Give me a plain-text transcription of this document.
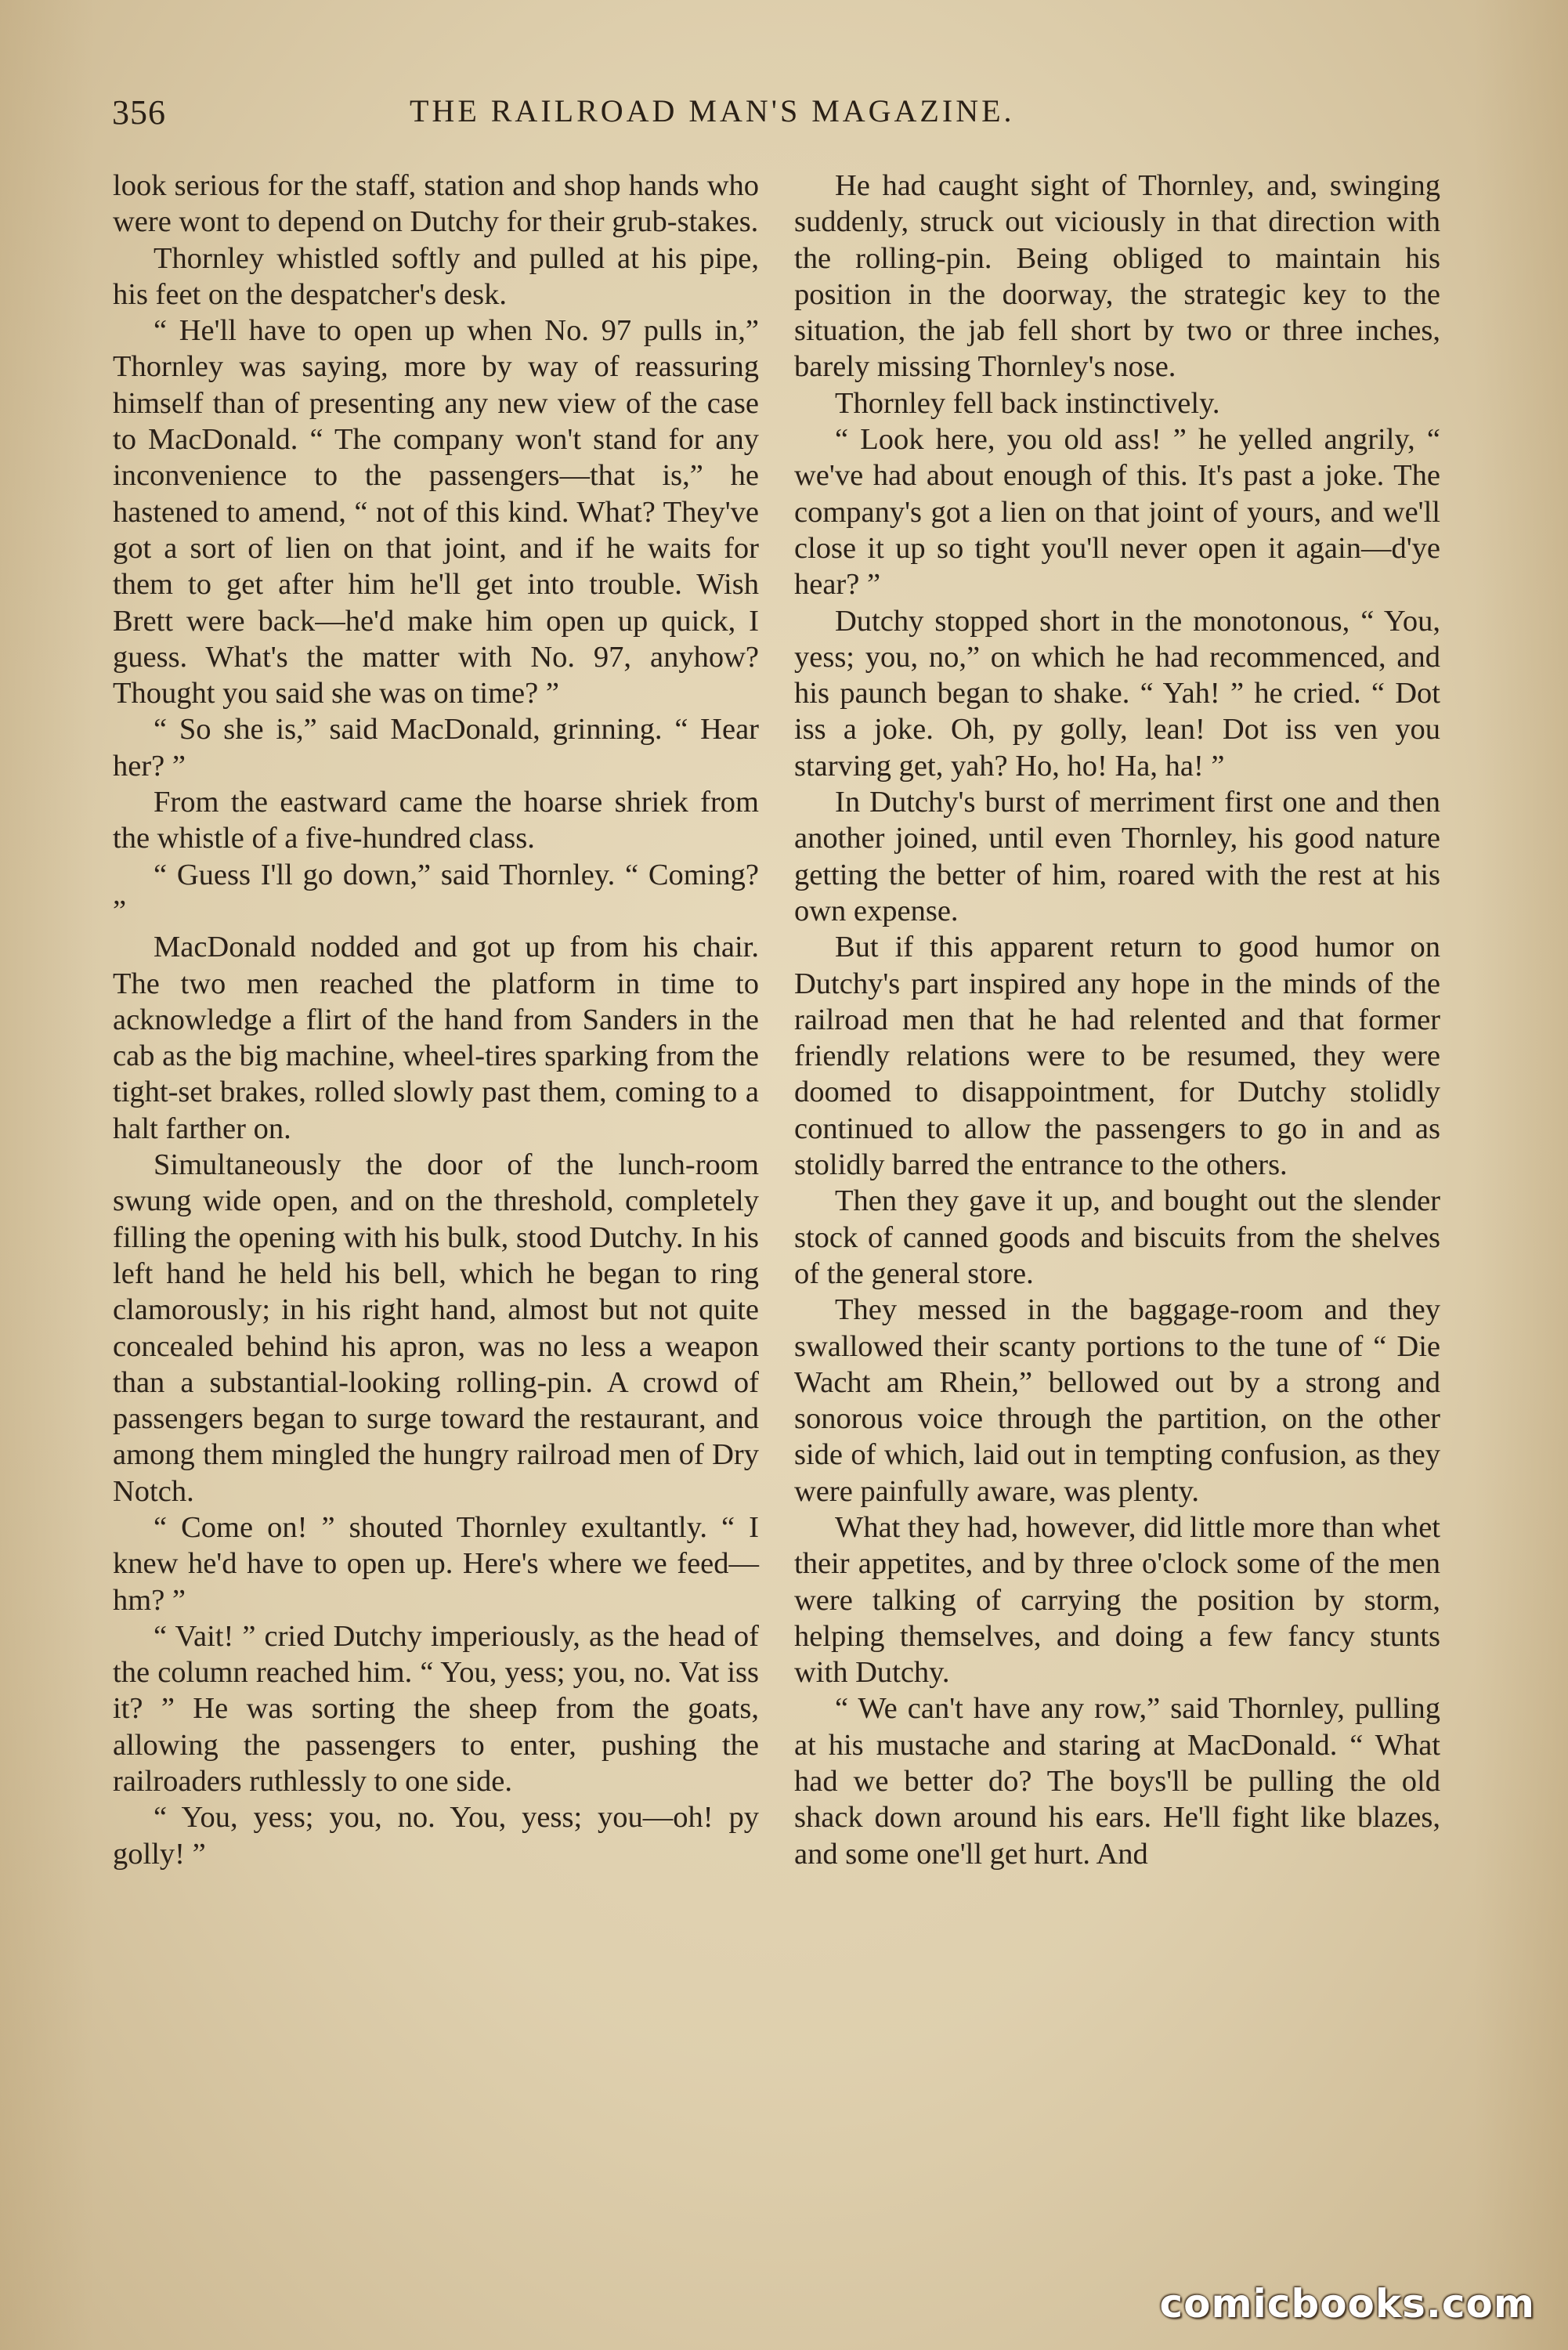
356	THE RAILROAD MAN'S MAGAZINE.

look serious for the staff, station and shop hands who were wont to depend on Dutchy for their grub-stakes.

Thornley whistled softly and pulled at his pipe, his feet on the despatcher's desk.

“ He'll have to open up when No. 97 pulls in,” Thornley was saying, more by way of reassuring himself than of presenting any new view of the case to MacDonald. “ The company won't stand for any inconvenience to the passengers—that is,” he hastened to amend, “ not of this kind. What? They've got a sort of lien on that joint, and if he waits for them to get after him he'll get into trouble. Wish Brett were back—he'd make him open up quick, I guess. What's the matter with No. 97, anyhow? Thought you said she was on time? ”

“ So she is,” said MacDonald, grinning. “ Hear her? ”

From the eastward came the hoarse shriek from the whistle of a five-hundred class.

“ Guess I'll go down,” said Thornley. “ Coming? ”

MacDonald nodded and got up from his chair. The two men reached the platform in time to acknowledge a flirt of the hand from Sanders in the cab as the big machine, wheel-tires sparking from the tight-set brakes, rolled slowly past them, coming to a halt farther on.

Simultaneously the door of the lunch-room swung wide open, and on the threshold, completely filling the opening with his bulk, stood Dutchy. In his left hand he held his bell, which he began to ring clamorously; in his right hand, almost but not quite concealed behind his apron, was no less a weapon than a substantial-looking rolling-pin. A crowd of passengers began to surge toward the restaurant, and among them mingled the hungry railroad men of Dry Notch.

“ Come on! ” shouted Thornley exultantly. “ I knew he'd have to open up. Here's where we feed—hm? ”

“ Vait! ” cried Dutchy imperiously, as the head of the column reached him. “ You, yess; you, no. Vat iss it? ” He was sorting the sheep from the goats, allowing the passengers to enter, pushing the railroaders ruthlessly to one side.

“ You, yess; you, no. You, yess; you—oh! py golly! ”

He had caught sight of Thornley, and, swinging suddenly, struck out viciously in that direction with the rolling-pin. Being obliged to maintain his position in the doorway, the strategic key to the situation, the jab fell short by two or three inches, barely missing Thornley's nose.

Thornley fell back instinctively.

“ Look here, you old ass! ” he yelled angrily, “ we've had about enough of this. It's past a joke. The company's got a lien on that joint of yours, and we'll close it up so tight you'll never open it again—d'ye hear? ”

Dutchy stopped short in the monotonous, “ You, yess; you, no,” on which he had recommenced, and his paunch began to shake. “ Yah! ” he cried. “ Dot iss a joke. Oh, py golly, lean! Dot iss ven you starving get, yah? Ho, ho! Ha, ha! ”

In Dutchy's burst of merriment first one and then another joined, until even Thornley, his good nature getting the better of him, roared with the rest at his own expense.

But if this apparent return to good humor on Dutchy's part inspired any hope in the minds of the railroad men that he had relented and that former friendly relations were to be resumed, they were doomed to disappointment, for Dutchy stolidly continued to allow the passengers to go in and as stolidly barred the entrance to the others.

Then they gave it up, and bought out the slender stock of canned goods and biscuits from the shelves of the general store.

They messed in the baggage-room and they swallowed their scanty portions to the tune of “ Die Wacht am Rhein,” bellowed out by a strong and sonorous voice through the partition, on the other side of which, laid out in tempting confusion, as they were painfully aware, was plenty.

What they had, however, did little more than whet their appetites, and by three o'clock some of the men were talking of carrying the position by storm, helping themselves, and doing a few fancy stunts with Dutchy.

“ We can't have any row,” said Thornley, pulling at his mustache and staring at MacDonald. “ What had we better do? The boys'll be pulling the old shack down around his ears. He'll fight like blazes, and some one'll get hurt. And

comicbooks.com
